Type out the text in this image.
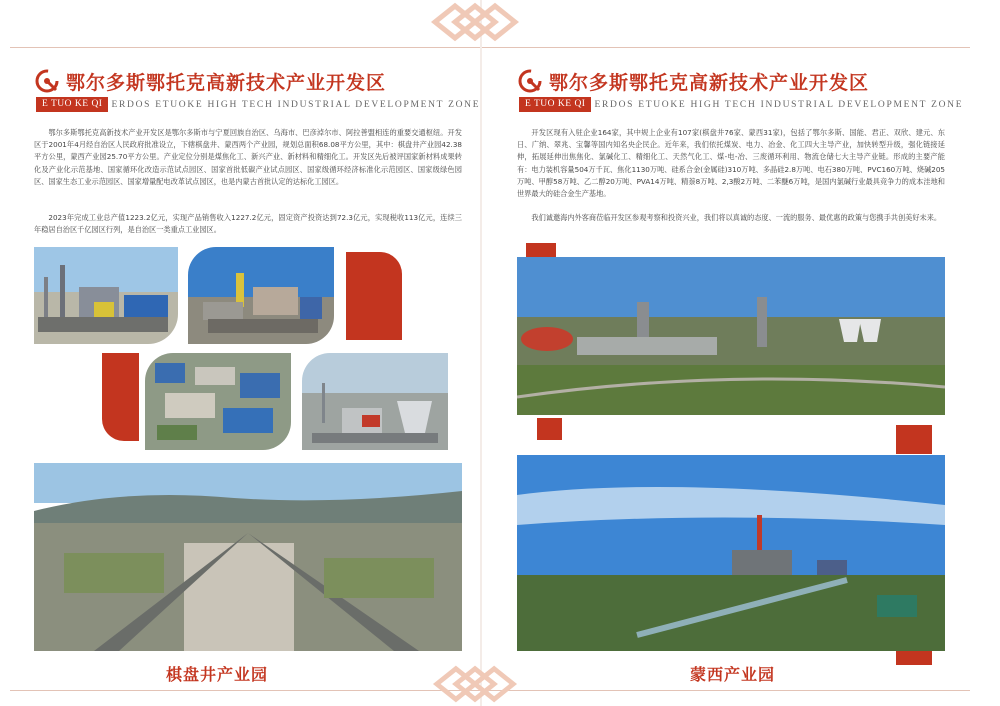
鄂尔多斯鄂托克高新技术产业开发区
E TUO KE QI ERDOS ETUOKE HIGH TECH INDUSTRIAL DEVELOPMENT ZONE

鄂尔多斯鄂托克高新技术产业开发区是鄂尔多斯市与宁夏回族自治区、乌海市、巴彦淖尔市、阿拉善盟相连的重要交通枢纽。开发区于2001年4月经自治区人民政府批准设立，下辖棋盘井、蒙西两个产业园，规划总面积68.08平方公里，其中：棋盘井产业园42.38平方公里，蒙西产业园25.70平方公里。产业定位分别是煤焦化工、新兴产业、新材料和精细化工。开发区先后被评国家新材料成果转化及产业化示范基地、国家循环化改造示范试点园区、国家首批低碳产业试点园区、国家级循环经济标准化示范园区、国家级绿色园区、国家生态工业示范园区、国家增量配电改革试点园区，也是内蒙古首批认定的达标化工园区。

2023年完成工业总产值1223.2亿元，实现产品销售收入1227.2亿元，固定资产投资达到72.3亿元，实现税收113亿元，连续三年稳居自治区千亿园区行列，是自治区一类重点工业园区。

棋盘井产业园
鄂尔多斯鄂托克高新技术产业开发区
E TUO KE QI ERDOS ETUOKE HIGH TECH INDUSTRIAL DEVELOPMENT ZONE

开发区现有入驻企业164家，其中规上企业有107家(棋盘井76家、蒙西31家)，包括了鄂尔多斯、国能、君正、双欣、建元、东日、广纳、翠兆、宝馨等国内知名央企民企。近年来，我们依托煤炭、电力、冶金、化工四大主导产业，加快转型升级，强化链接延伸，拓展延伸出焦焦化、氯碱化工、精细化工、天然气化工、煤-电-冶、三废循环利用、物流仓储七大主导产业链。形成的主要产能有：电力装机容量504万千瓦、焦化1130万吨、硅系合金(金属硅)310万吨、多晶硅2.8万吨、电石380万吨、PVC160万吨、烧碱205万吨、甲醇58万吨、乙二醇20万吨、PVA14万吨、精萘8万吨、2,3酸2万吨、二苯醚6万吨，是国内氯碱行业最具竞争力的成本洼地和世界最大的硅合金生产基地。

我们诚邀海内外客商莅临开发区参观考察和投资兴业，我们将以真诚的态度、一流的服务、最优惠的政策与您携手共创美好未来。

蒙西产业园
